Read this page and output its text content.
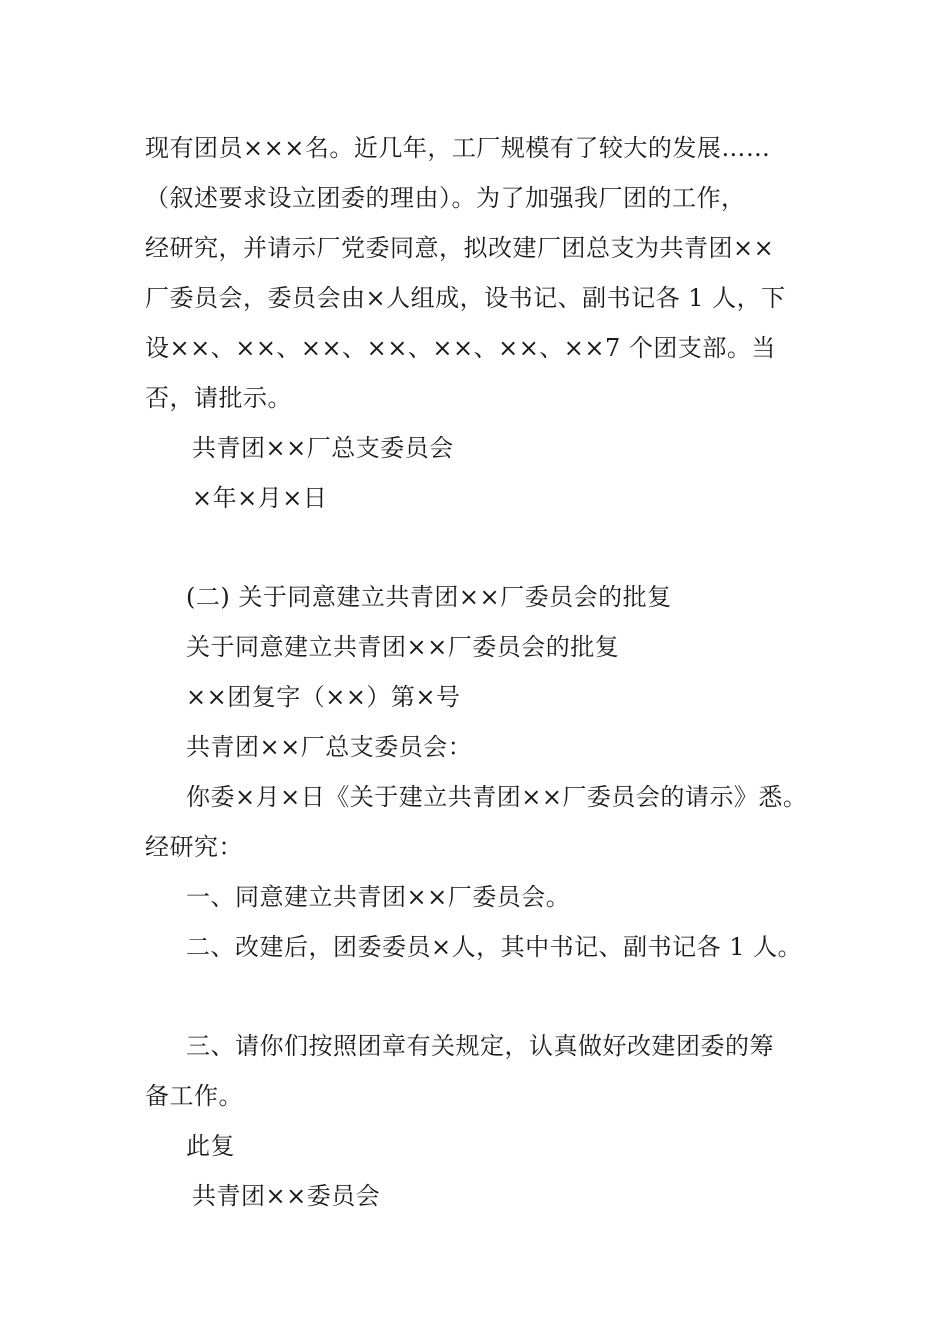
现有团员×××名。近几年，工厂规模有了较大的发展……
（叙述要求设立团委的理由）。为了加强我厂团的工作，
经研究，并请示厂党委同意，拟改建厂团总支为共青团××
厂委员会，委员会由×人组成，设书记、副书记各 1 人，下
设××、××、××、××、××、××、××7 个团支部。当
否，请批示。
共青团××厂总支委员会
×年×月×日
(二) 关于同意建立共青团××厂委员会的批复
关于同意建立共青团××厂委员会的批复
××团复字（××）第×号
共青团××厂总支委员会：
你委×月×日《关于建立共青团××厂委员会的请示》悉。
经研究：
一、同意建立共青团××厂委员会。
二、改建后，团委委员×人，其中书记、副书记各 1 人。
三、请你们按照团章有关规定，认真做好改建团委的筹
备工作。
此复
共青团××委员会
